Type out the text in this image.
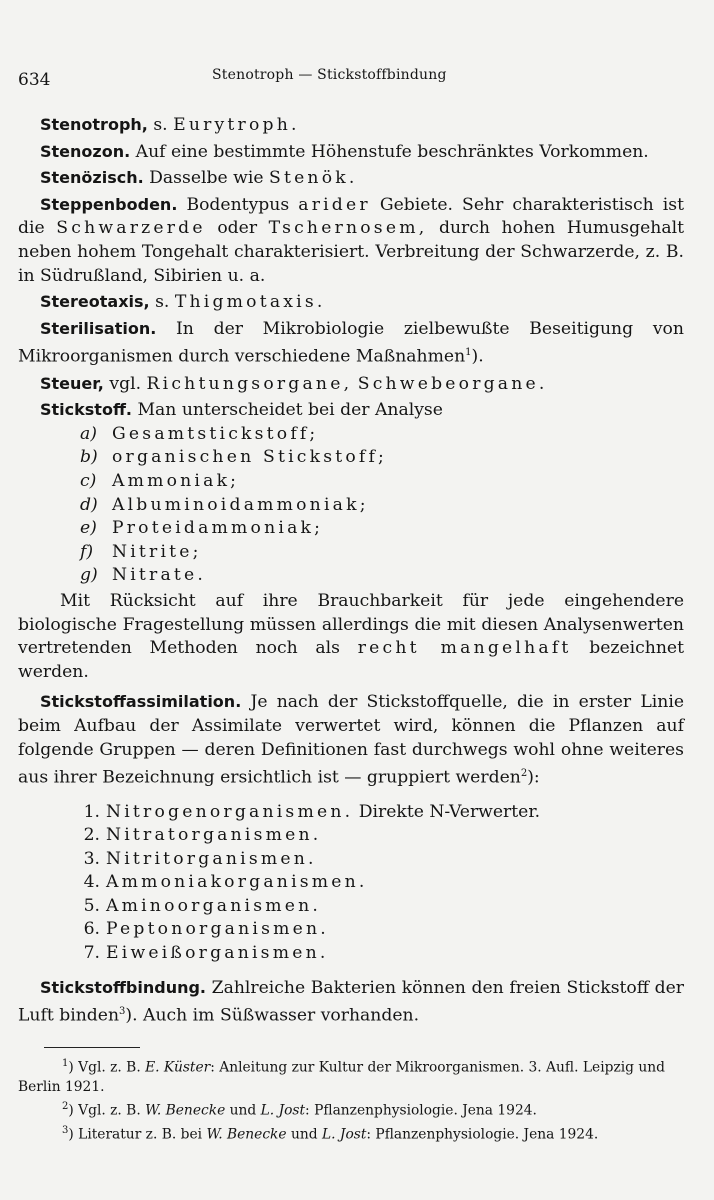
634	Stenotroph — Stickstoffbindung

Stenotroph, s. Eurytroph.

Stenozon. Auf eine bestimmte Höhenstufe beschränktes Vorkommen.

Stenözisch. Dasselbe wie Stenök.

Steppenboden. Bodentypus arider Gebiete. Sehr charakteristisch ist die Schwarzerde oder Tschernosem, durch hohen Humusgehalt neben hohem Tongehalt charakterisiert. Verbreitung der Schwarzerde, z. B. in Südrußland, Sibirien u. a.

Stereotaxis, s. Thigmotaxis.

Sterilisation. In der Mikrobiologie zielbewußte Beseitigung von Mikroorganismen durch verschiedene Maßnahmen$^1$).

Steuer, vgl. Richtungsorgane, Schwebeorgane.

Stickstoff. Man unterscheidet bei der Analyse

a) Gesamtstickstoff;
b) organischen Stickstoff;
c) Ammoniak;
d) Albuminoidammoniak;
e) Proteidammoniak;
f) Nitrite;
g) Nitrate.

Mit Rücksicht auf ihre Brauchbarkeit für jede eingehendere biologische Fragestellung müssen allerdings die mit diesen Analysenwerten vertretenden Methoden noch als recht mangelhaft bezeichnet werden.

Stickstoffassimilation. Je nach der Stickstoffquelle, die in erster Linie beim Aufbau der Assimilate verwertet wird, können die Pflanzen auf folgende Gruppen — deren Definitionen fast durchwegs wohl ohne weiteres aus ihrer Bezeichnung ersichtlich ist — gruppiert werden$^2$):

1. Nitrogenorganismen. Direkte N-Verwerter.
2. Nitratorganismen.
3. Nitritorganismen.
4. Ammoniakorganismen.
5. Aminoorganismen.
6. Peptonorganismen.
7. Eiweißorganismen.

Stickstoffbindung. Zahlreiche Bakterien können den freien Stickstoff der Luft binden$^3$). Auch im Süßwasser vorhanden.

$^1$) Vgl. z. B. E. Küster: Anleitung zur Kultur der Mikroorganismen. 3. Aufl. Leipzig und Berlin 1921.

$^2$) Vgl. z. B. W. Benecke und L. Jost: Pflanzenphysiologie. Jena 1924.

$^3$) Literatur z. B. bei W. Benecke und L. Jost: Pflanzenphysiologie. Jena 1924.
